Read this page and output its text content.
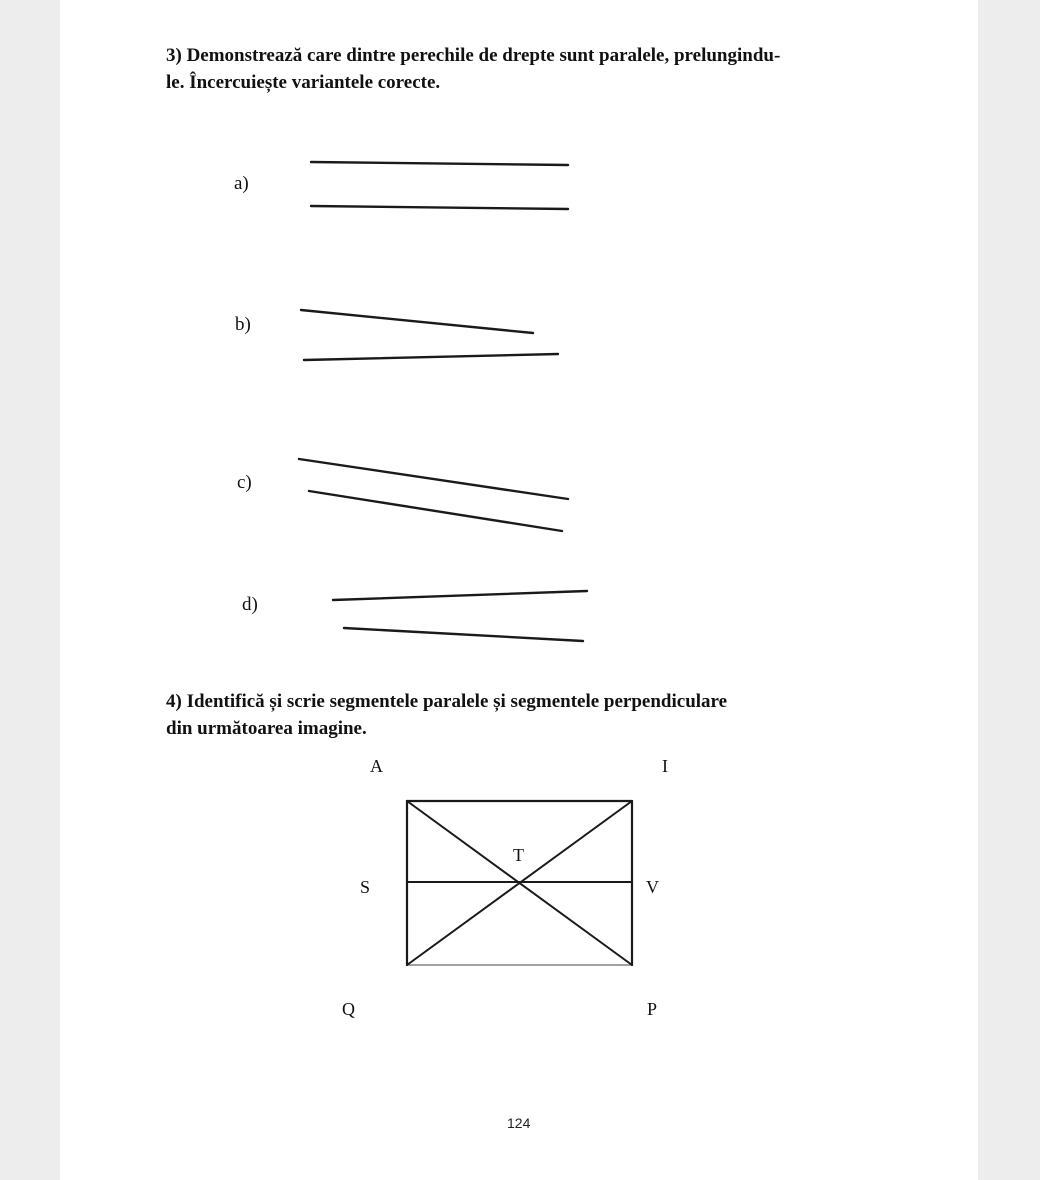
3) Demonstrează care dintre perechile de drepte sunt paralele, prelungindu-

le. Încercuiește variantele corecte.

a)
b)
c)
d)

4) Identifică și scrie segmentele paralele și segmentele perpendiculare

din următoarea imagine.

A	I
T
S	V
Q	P
124
